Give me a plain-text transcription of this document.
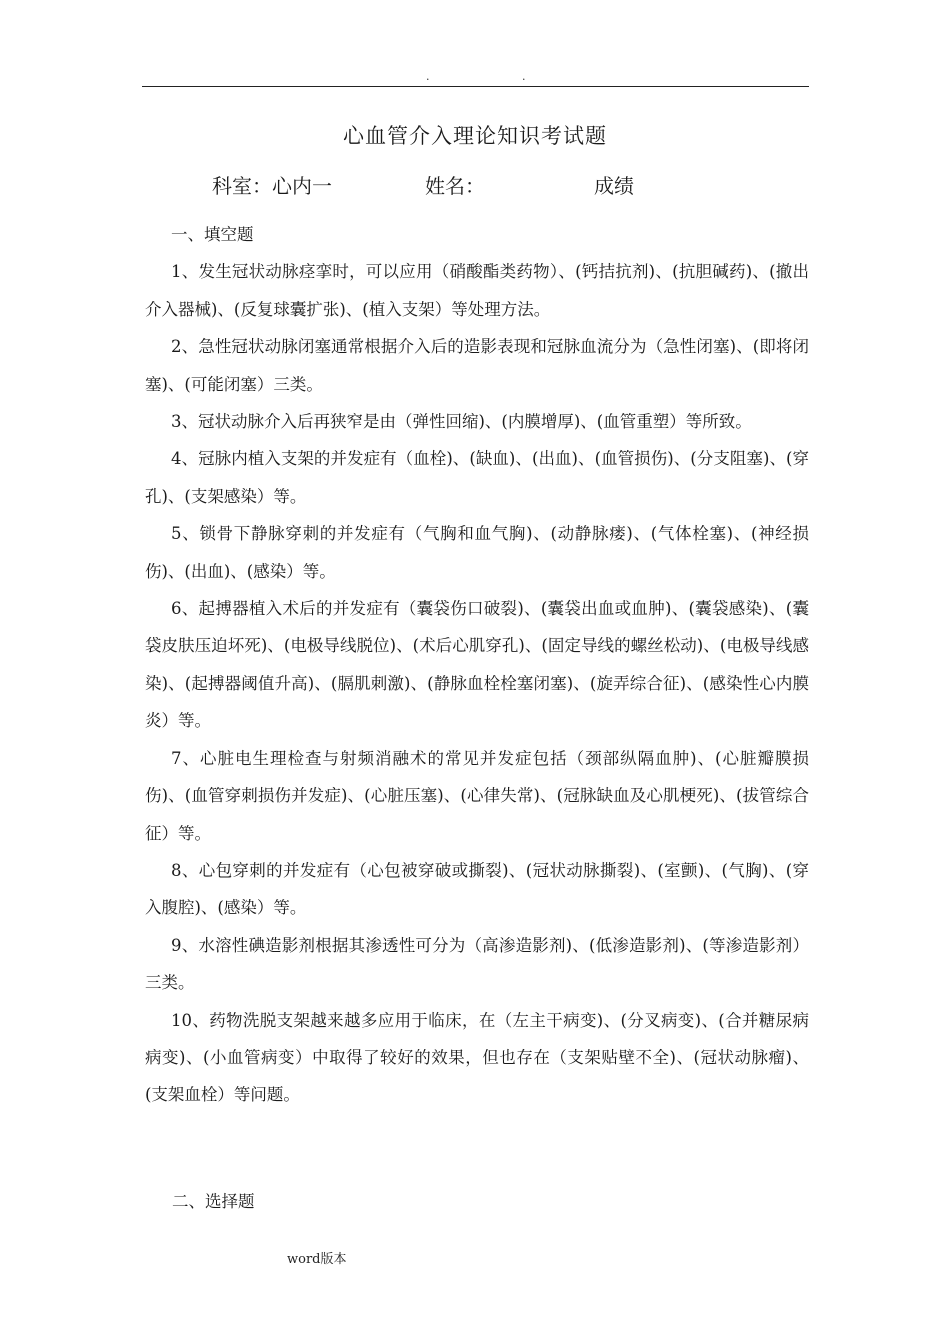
.	.
心血管介入理论知识考试题
科室：心内一	姓名：	成绩
一、填空题

1、发生冠状动脉痉挛时，可以应用（硝酸酯类药物）、(钙拮抗剂)、(抗胆碱药)、(撤出介入器械)、(反复球囊扩张)、(植入支架）等处理方法。

2、急性冠状动脉闭塞通常根据介入后的造影表现和冠脉血流分为（急性闭塞)、(即将闭塞)、(可能闭塞）三类。

3、冠状动脉介入后再狭窄是由（弹性回缩)、(内膜增厚)、(血管重塑）等所致。

4、冠脉内植入支架的并发症有（血栓)、(缺血)、(出血)、(血管损伤)、(分支阻塞)、(穿孔)、(支架感染）等。

5、锁骨下静脉穿刺的并发症有（气胸和血气胸)、(动静脉瘘)、(气体栓塞)、(神经损伤)、(出血)、(感染）等。

6、起搏器植入术后的并发症有（囊袋伤口破裂)、(囊袋出血或血肿)、(囊袋感染)、(囊袋皮肤压迫坏死)、(电极导线脱位)、(术后心肌穿孔)、(固定导线的螺丝松动)、(电极导线感染)、(起搏器阈值升高)、(膈肌刺激)、(静脉血栓栓塞闭塞)、(旋弄综合征)、(感染性心内膜炎）等。

7、心脏电生理检查与射频消融术的常见并发症包括（颈部纵隔血肿)、(心脏瓣膜损伤)、(血管穿刺损伤并发症)、(心脏压塞)、(心律失常)、(冠脉缺血及心肌梗死)、(拔管综合征）等。

8、心包穿刺的并发症有（心包被穿破或撕裂)、(冠状动脉撕裂)、(室颤)、(气胸)、(穿入腹腔)、(感染）等。

9、水溶性碘造影剂根据其渗透性可分为（高渗造影剂)、(低渗造影剂)、(等渗造影剂）三类。

10、药物洗脱支架越来越多应用于临床，在（左主干病变)、(分叉病变)、(合并糖尿病病变)、(小血管病变）中取得了较好的效果，但也存在（支架贴壁不全)、(冠状动脉瘤)、(支架血栓）等问题。

二、选择题
word版本
